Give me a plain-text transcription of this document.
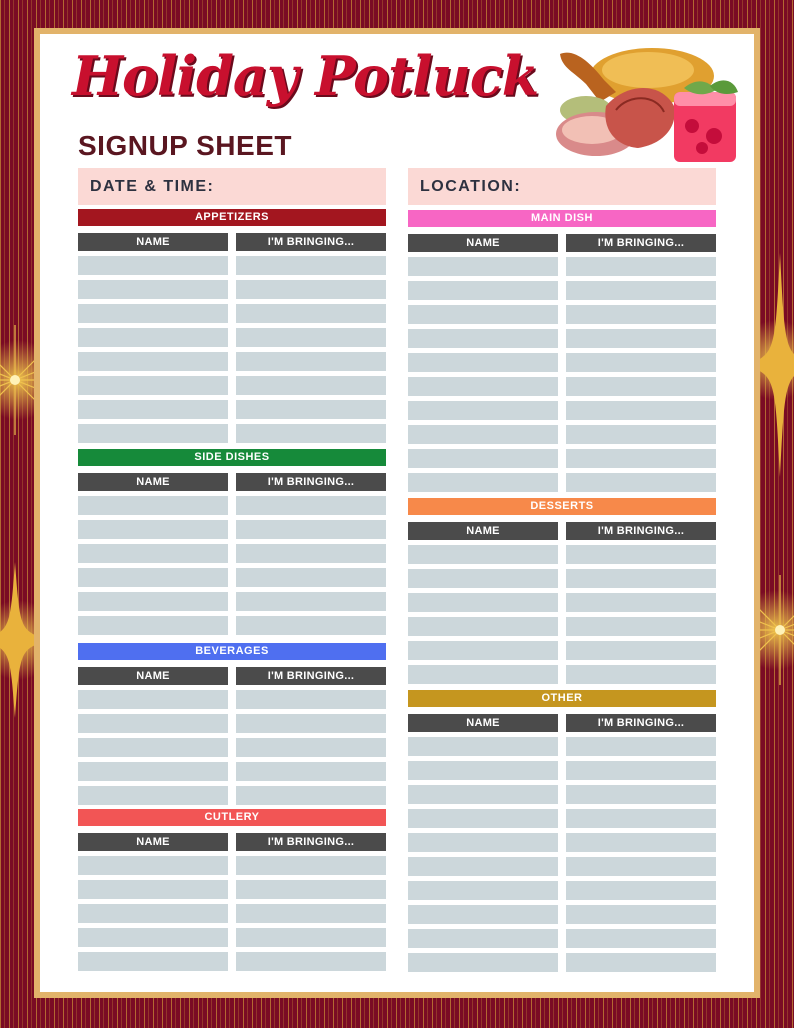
Holiday Potluck
SIGNUP SHEET
DATE & TIME:	LOCATION:
APPETIZERS
NAME	I'M BRINGING...
SIDE DISHES
NAME	I'M BRINGING...
BEVERAGES
NAME	I'M BRINGING...
CUTLERY
NAME	I'M BRINGING...
MAIN DISH
NAME	I'M BRINGING...
DESSERTS
NAME	I'M BRINGING...
OTHER
NAME	I'M BRINGING...
